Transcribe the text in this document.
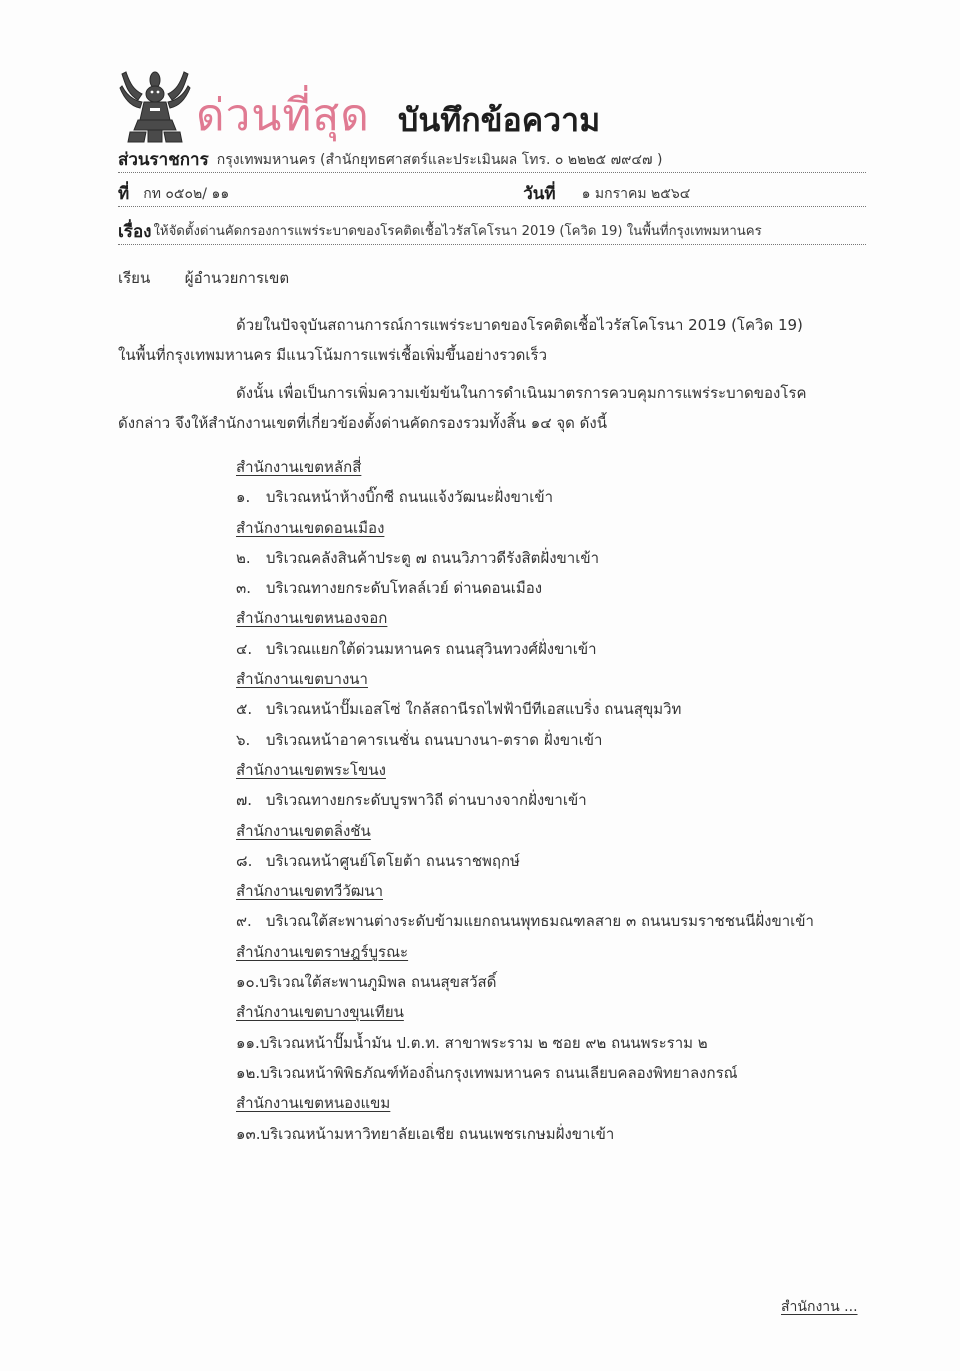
ด่วนที่สุด บันทึกข้อความ
ส่วนราชการ กรุงเทพมหานคร (สำนักยุทธศาสตร์และประเมินผล โทร. ๐ ๒๒๒๕ ๗๙๔๗ )
ที่ กท ๐๕๐๒/ ๑๑	วันที่ ๑ มกราคม ๒๕๖๔
เรื่อง ให้จัดตั้งด่านคัดกรองการแพร่ระบาดของโรคติดเชื้อไวรัสโคโรนา 2019 (โควิด 19) ในพื้นที่กรุงเทพมหานคร
เรียน ผู้อำนวยการเขต
ด้วยในปัจจุบันสถานการณ์การแพร่ระบาดของโรคติดเชื้อไวรัสโคโรนา 2019 (โควิด 19)
ในพื้นที่กรุงเทพมหานคร มีแนวโน้มการแพร่เชื้อเพิ่มขึ้นอย่างรวดเร็ว
ดังนั้น เพื่อเป็นการเพิ่มความเข้มข้นในการดำเนินมาตรการควบคุมการแพร่ระบาดของโรค
ดังกล่าว จึงให้สำนักงานเขตที่เกี่ยวข้องตั้งด่านคัดกรองรวมทั้งสิ้น ๑๔ จุด ดังนี้
สำนักงานเขตหลักสี่
๑. บริเวณหน้าห้างบิ๊กซี ถนนแจ้งวัฒนะฝั่งขาเข้า
สำนักงานเขตดอนเมือง
๒. บริเวณคลังสินค้าประตู ๗ ถนนวิภาวดีรังสิตฝั่งขาเข้า
๓. บริเวณทางยกระดับโทลล์เวย์ ด่านดอนเมือง
สำนักงานเขตหนองจอก
๔. บริเวณแยกใต้ด่วนมหานคร ถนนสุวินทวงศ์ฝั่งขาเข้า
สำนักงานเขตบางนา
๕. บริเวณหน้าปั๊มเอสโซ่ ใกล้สถานีรถไฟฟ้าบีทีเอสแบริ่ง ถนนสุขุมวิท
๖. บริเวณหน้าอาคารเนชั่น ถนนบางนา-ตราด ฝั่งขาเข้า
สำนักงานเขตพระโขนง
๗. บริเวณทางยกระดับบูรพาวิถี ด่านบางจากฝั่งขาเข้า
สำนักงานเขตตลิ่งชัน
๘. บริเวณหน้าศูนย์โตโยต้า ถนนราชพฤกษ์
สำนักงานเขตทวีวัฒนา
๙. บริเวณใต้สะพานต่างระดับข้ามแยกถนนพุทธมณฑลสาย ๓ ถนนบรมราชชนนีฝั่งขาเข้า
สำนักงานเขตราษฎร์บูรณะ
๑๐.บริเวณใต้สะพานภูมิพล ถนนสุขสวัสดิ์
สำนักงานเขตบางขุนเทียน
๑๑.บริเวณหน้าปั๊มน้ำมัน ป.ต.ท. สาขาพระราม ๒ ซอย ๙๒ ถนนพระราม ๒
๑๒.บริเวณหน้าพิพิธภัณฑ์ท้องถิ่นกรุงเทพมหานคร ถนนเลียบคลองพิทยาลงกรณ์
สำนักงานเขตหนองแขม
๑๓.บริเวณหน้ามหาวิทยาลัยเอเชีย ถนนเพชรเกษมฝั่งขาเข้า
สำนักงาน ...
